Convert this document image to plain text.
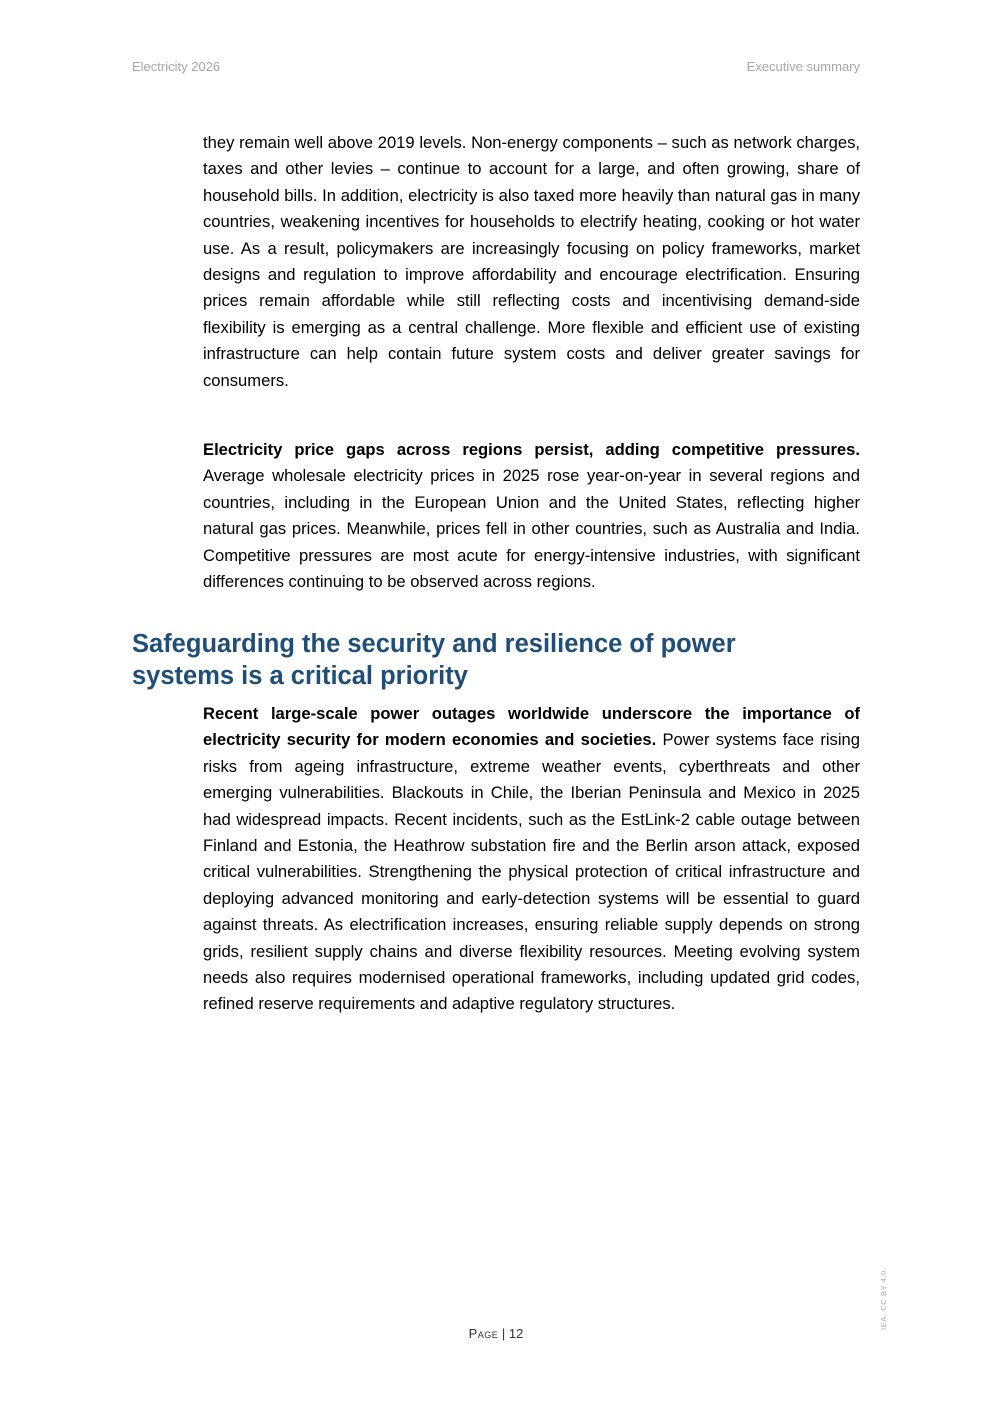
Electricity 2026	Executive summary

they remain well above 2019 levels. Non-energy components – such as network charges, taxes and other levies – continue to account for a large, and often growing, share of household bills. In addition, electricity is also taxed more heavily than natural gas in many countries, weakening incentives for households to electrify heating, cooking or hot water use. As a result, policymakers are increasingly focusing on policy frameworks, market designs and regulation to improve affordability and encourage electrification. Ensuring prices remain affordable while still reflecting costs and incentivising demand-side flexibility is emerging as a central challenge. More flexible and efficient use of existing infrastructure can help contain future system costs and deliver greater savings for consumers.

Electricity price gaps across regions persist, adding competitive pressures. Average wholesale electricity prices in 2025 rose year-on-year in several regions and countries, including in the European Union and the United States, reflecting higher natural gas prices. Meanwhile, prices fell in other countries, such as Australia and India. Competitive pressures are most acute for energy-intensive industries, with significant differences continuing to be observed across regions.

Safeguarding the security and resilience of power systems is a critical priority

Recent large-scale power outages worldwide underscore the importance of electricity security for modern economies and societies. Power systems face rising risks from ageing infrastructure, extreme weather events, cyberthreats and other emerging vulnerabilities. Blackouts in Chile, the Iberian Peninsula and Mexico in 2025 had widespread impacts. Recent incidents, such as the EstLink-2 cable outage between Finland and Estonia, the Heathrow substation fire and the Berlin arson attack, exposed critical vulnerabilities. Strengthening the physical protection of critical infrastructure and deploying advanced monitoring and early-detection systems will be essential to guard against threats. As electrification increases, ensuring reliable supply depends on strong grids, resilient supply chains and diverse flexibility resources. Meeting evolving system needs also requires modernised operational frameworks, including updated grid codes, refined reserve requirements and adaptive regulatory structures.

Page | 12
IEA. CC BY 4.0.
